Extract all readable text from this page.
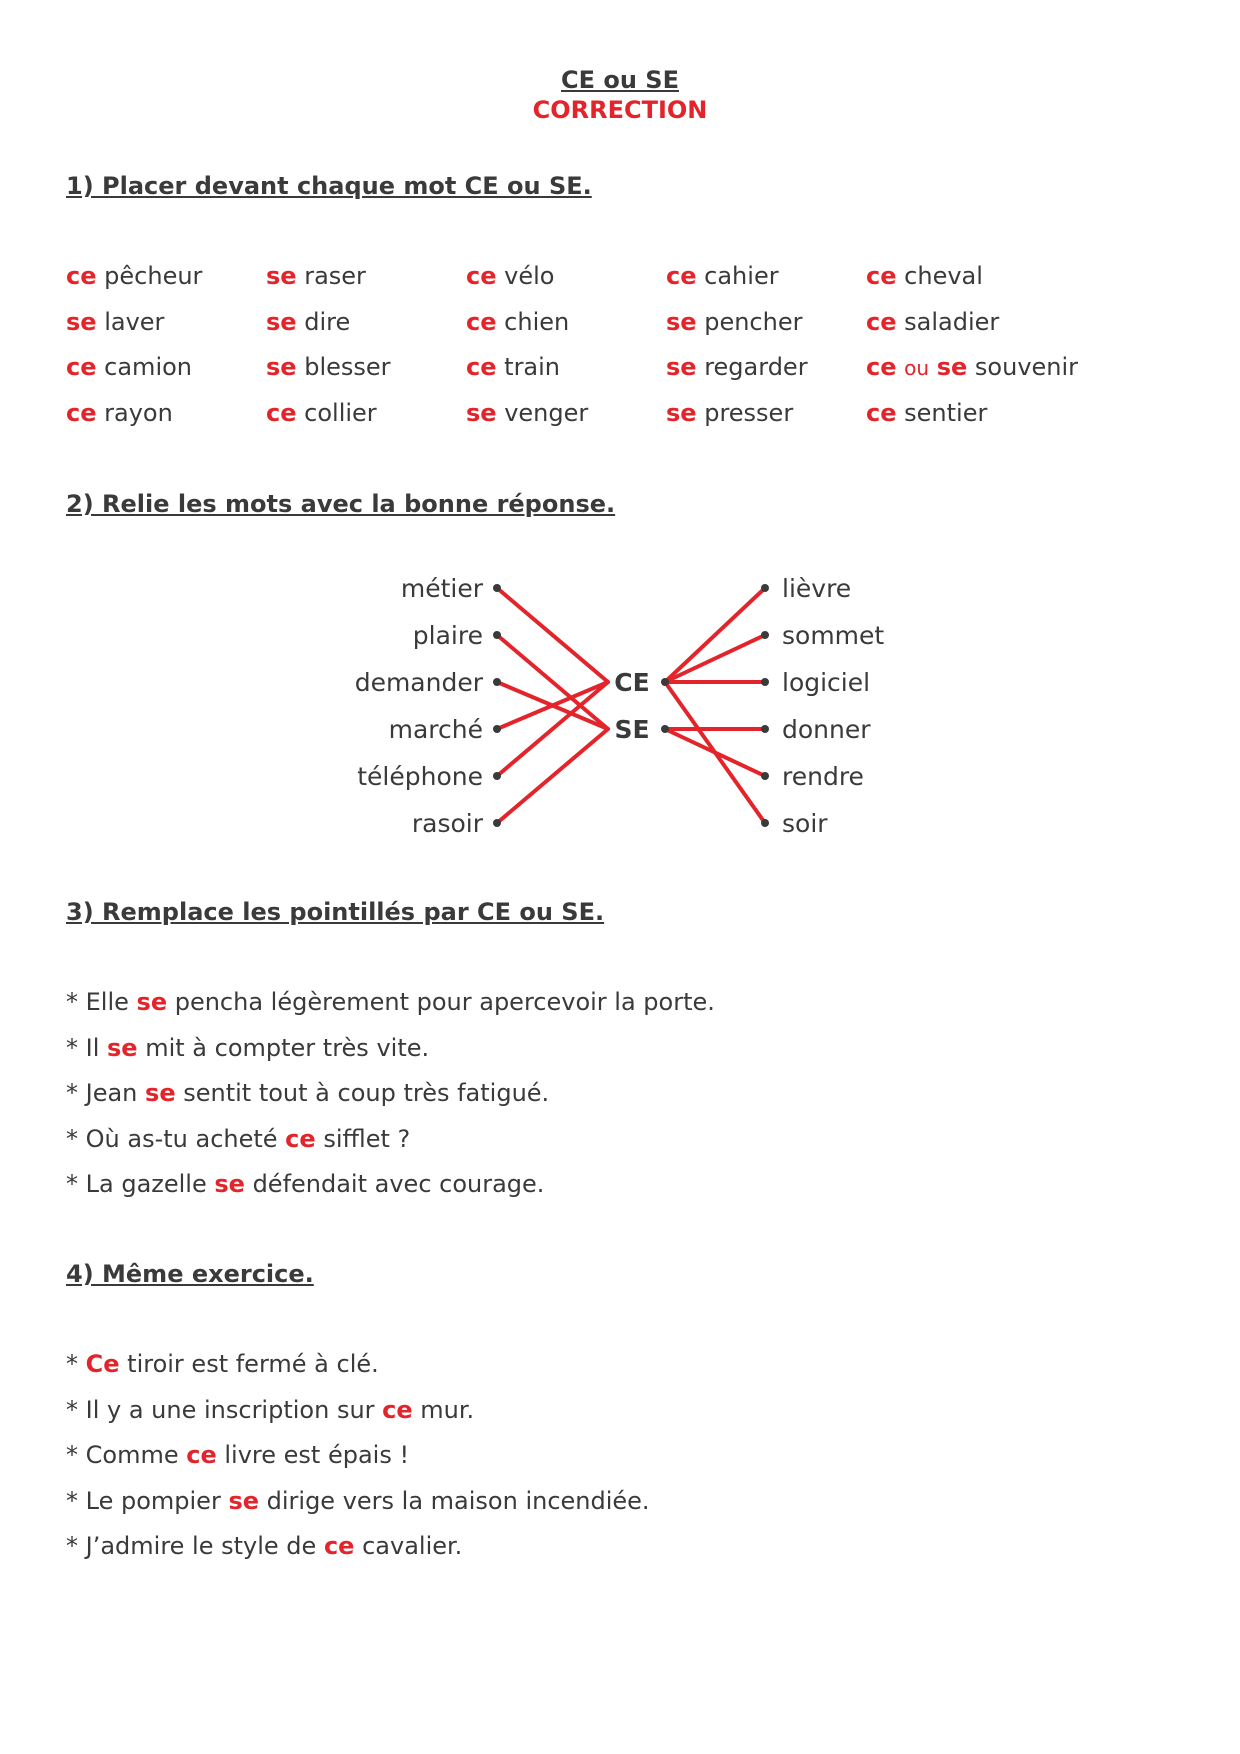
CE ou SE
CORRECTION
1) Placer devant chaque mot CE ou SE.
ce pêcheur	se raser	ce vélo	ce cahier	ce cheval
se laver	se dire	ce chien	se pencher	ce saladier
ce camion	se blesser	ce train	se regarder	ce ou se souvenir
ce rayon	ce collier	se venger	se presser	ce sentier
2) Relie les mots avec la bonne réponse.
métier
plaire
demander
marché
téléphone
rasoir
lièvre
sommet
logiciel
donner
rendre
soir
CE
SE
3) Remplace les pointillés par CE ou SE.
* Elle se pencha légèrement pour apercevoir la porte.
* Il se mit à compter très vite.
* Jean se sentit tout à coup très fatigué.
* Où as-tu acheté ce sifflet ?
* La gazelle se défendait avec courage.
4) Même exercice.
* Ce tiroir est fermé à clé.
* Il y a une inscription sur ce mur.
* Comme ce livre est épais !
* Le pompier se dirige vers la maison incendiée.
* J’admire le style de ce cavalier.
